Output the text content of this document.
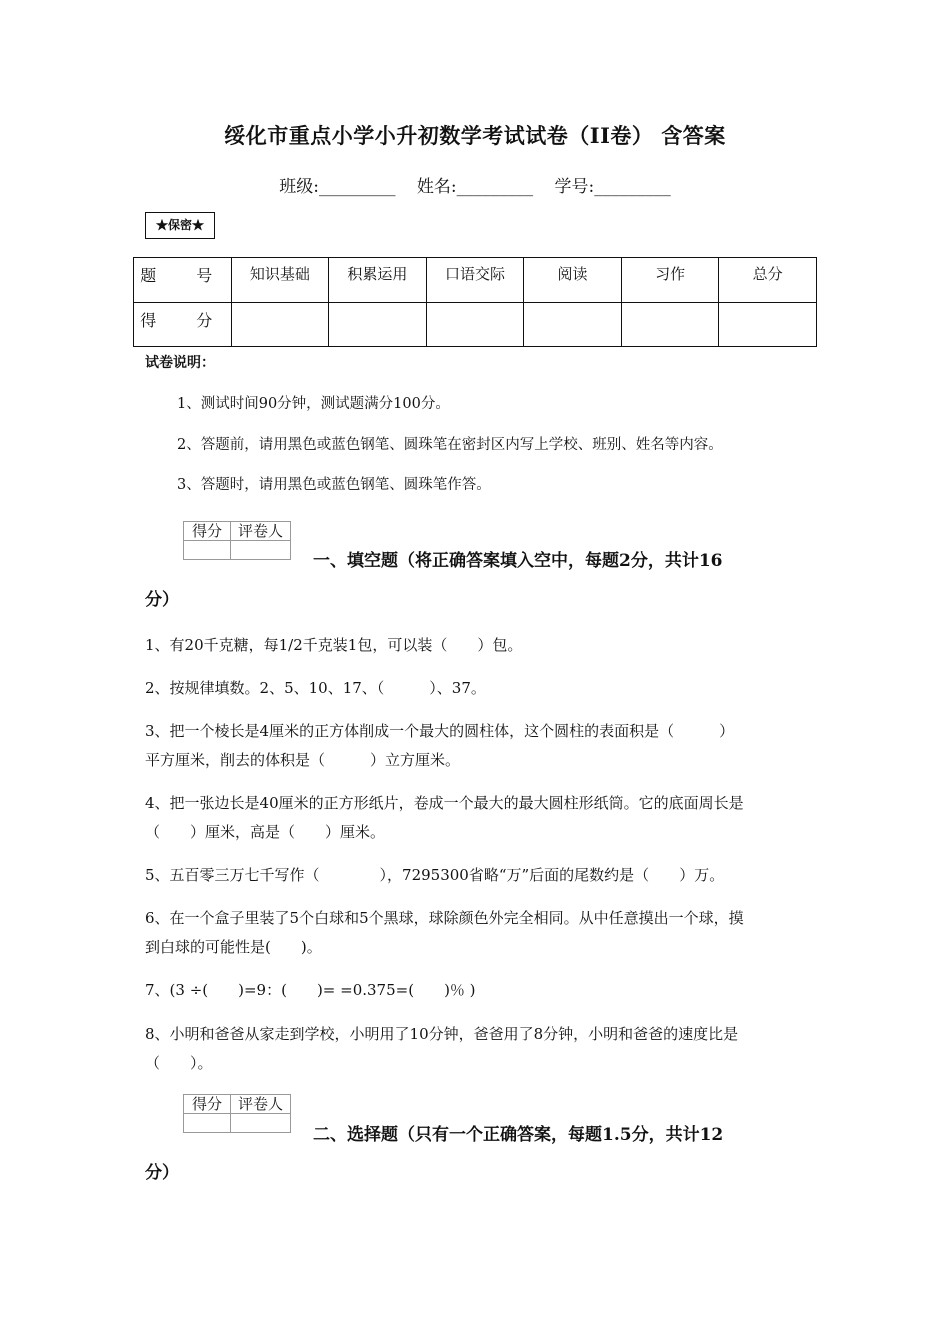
绥化市重点小学小升初数学考试试卷（II卷） 含答案
班级:_________ 姓名:_________ 学号:_________
★保密★
题　号	知识基础	积累运用	口语交际	阅读	习作	总分
得　分						
试卷说明：
1、测试时间90分钟，测试题满分100分。
2、答题前，请用黑色或蓝色钢笔、圆珠笔在密封区内写上学校、班别、姓名等内容。
3、答题时，请用黑色或蓝色钢笔、圆珠笔作答。
得分	评卷人

一、填空题（将正确答案填入空中，每题2分，共计16
分）
1、有20千克糖，每1/2千克装1包，可以装（　　）包。
2、按规律填数。2、5、10、17、（　　　）、37。
3、把一个棱长是4厘米的正方体削成一个最大的圆柱体，这个圆柱的表面积是（　　　）
平方厘米，削去的体积是（　　　）立方厘米。
4、把一张边长是40厘米的正方形纸片，卷成一个最大的最大圆柱形纸筒。它的底面周长是
（　　）厘米，高是（　　）厘米。
5、五百零三万七千写作（　　　　），7295300省略“万”后面的尾数约是（　　）万。
6、在一个盒子里装了5个白球和5个黑球，球除颜色外完全相同。从中任意摸出一个球，摸
到白球的可能性是(　　)。
7、(3 ÷(　　)=9：(　　)= =0.375=(　　)％ )
8、小明和爸爸从家走到学校，小明用了10分钟，爸爸用了8分钟，小明和爸爸的速度比是
（　　）。
得分	评卷人

二、选择题（只有一个正确答案，每题1.5分，共计12
分）
